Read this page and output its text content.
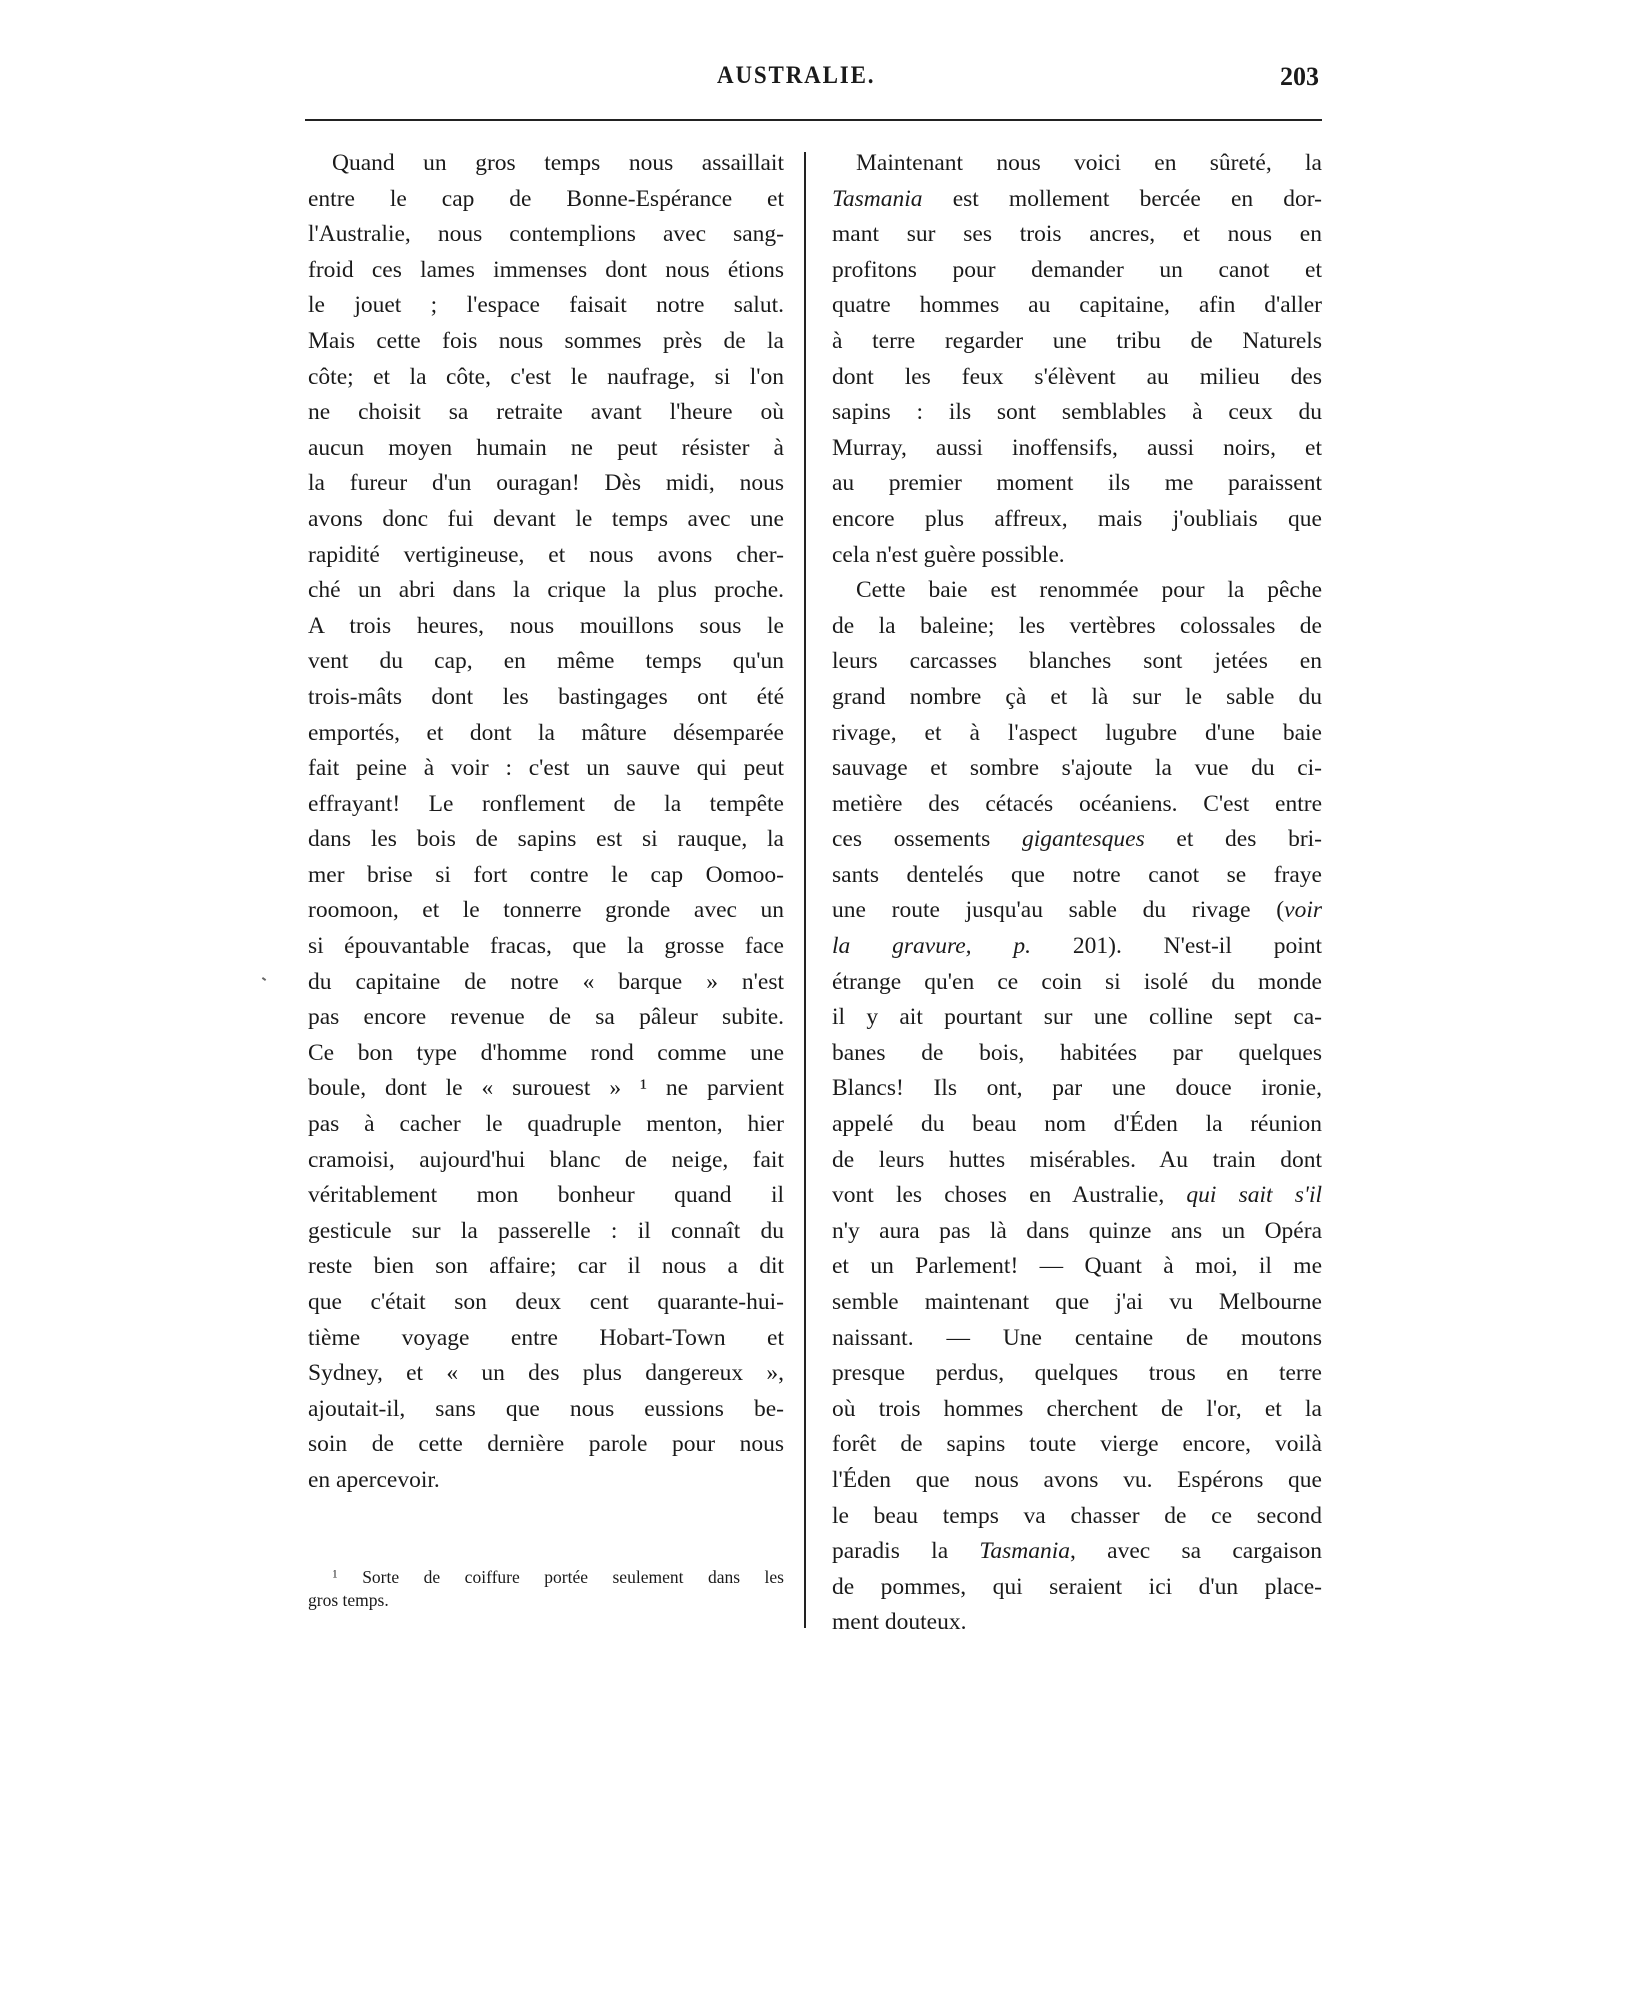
AUSTRALIE.	203
Quand un gros temps nous assaillait
entre le cap de Bonne-Espérance et
l'Australie, nous contemplions avec sang-
froid ces lames immenses dont nous étions
le jouet ; l'espace faisait notre salut.
Mais cette fois nous sommes près de la
côte; et la côte, c'est le naufrage, si l'on
ne choisit sa retraite avant l'heure où
aucun moyen humain ne peut résister à
la fureur d'un ouragan! Dès midi, nous
avons donc fui devant le temps avec une
rapidité vertigineuse, et nous avons cher-
ché un abri dans la crique la plus proche.
A trois heures, nous mouillons sous le
vent du cap, en même temps qu'un
trois-mâts dont les bastingages ont été
emportés, et dont la mâture désemparée
fait peine à voir : c'est un sauve qui peut
effrayant! Le ronflement de la tempête
dans les bois de sapins est si rauque, la
mer brise si fort contre le cap Oomoo-
roomoon, et le tonnerre gronde avec un
si épouvantable fracas, que la grosse face
du capitaine de notre « barque » n'est
pas encore revenue de sa pâleur subite.
Ce bon type d'homme rond comme une
boule, dont le « surouest » ¹ ne parvient
pas à cacher le quadruple menton, hier
cramoisi, aujourd'hui blanc de neige, fait
véritablement mon bonheur quand il
gesticule sur la passerelle : il connaît du
reste bien son affaire; car il nous a dit
que c'était son deux cent quarante-hui-
tième voyage entre Hobart-Town et
Sydney, et « un des plus dangereux »,
ajoutait-il, sans que nous eussions be-
soin de cette dernière parole pour nous
en apercevoir.
$^1$ Sorte de coiffure portée seulement dans les
gros temps.
Maintenant nous voici en sûreté, la
Tasmania est mollement bercée en dor-
mant sur ses trois ancres, et nous en
profitons pour demander un canot et
quatre hommes au capitaine, afin d'aller
à terre regarder une tribu de Naturels
dont les feux s'élèvent au milieu des
sapins : ils sont semblables à ceux du
Murray, aussi inoffensifs, aussi noirs, et
au premier moment ils me paraissent
encore plus affreux, mais j'oubliais que
cela n'est guère possible.
Cette baie est renommée pour la pêche
de la baleine; les vertèbres colossales de
leurs carcasses blanches sont jetées en
grand nombre çà et là sur le sable du
rivage, et à l'aspect lugubre d'une baie
sauvage et sombre s'ajoute la vue du ci-
metière des cétacés océaniens. C'est entre
ces ossements gigantesques et des bri-
sants dentelés que notre canot se fraye
une route jusqu'au sable du rivage (voir
la gravure, p. 201). N'est-il point
étrange qu'en ce coin si isolé du monde
il y ait pourtant sur une colline sept ca-
banes de bois, habitées par quelques
Blancs! Ils ont, par une douce ironie,
appelé du beau nom d'Éden la réunion
de leurs huttes misérables. Au train dont
vont les choses en Australie, qui sait s'il
n'y aura pas là dans quinze ans un Opéra
et un Parlement! — Quant à moi, il me
semble maintenant que j'ai vu Melbourne
naissant. — Une centaine de moutons
presque perdus, quelques trous en terre
où trois hommes cherchent de l'or, et la
forêt de sapins toute vierge encore, voilà
l'Éden que nous avons vu. Espérons que
le beau temps va chasser de ce second
paradis la Tasmania, avec sa cargaison
de pommes, qui seraient ici d'un place-
ment douteux.
